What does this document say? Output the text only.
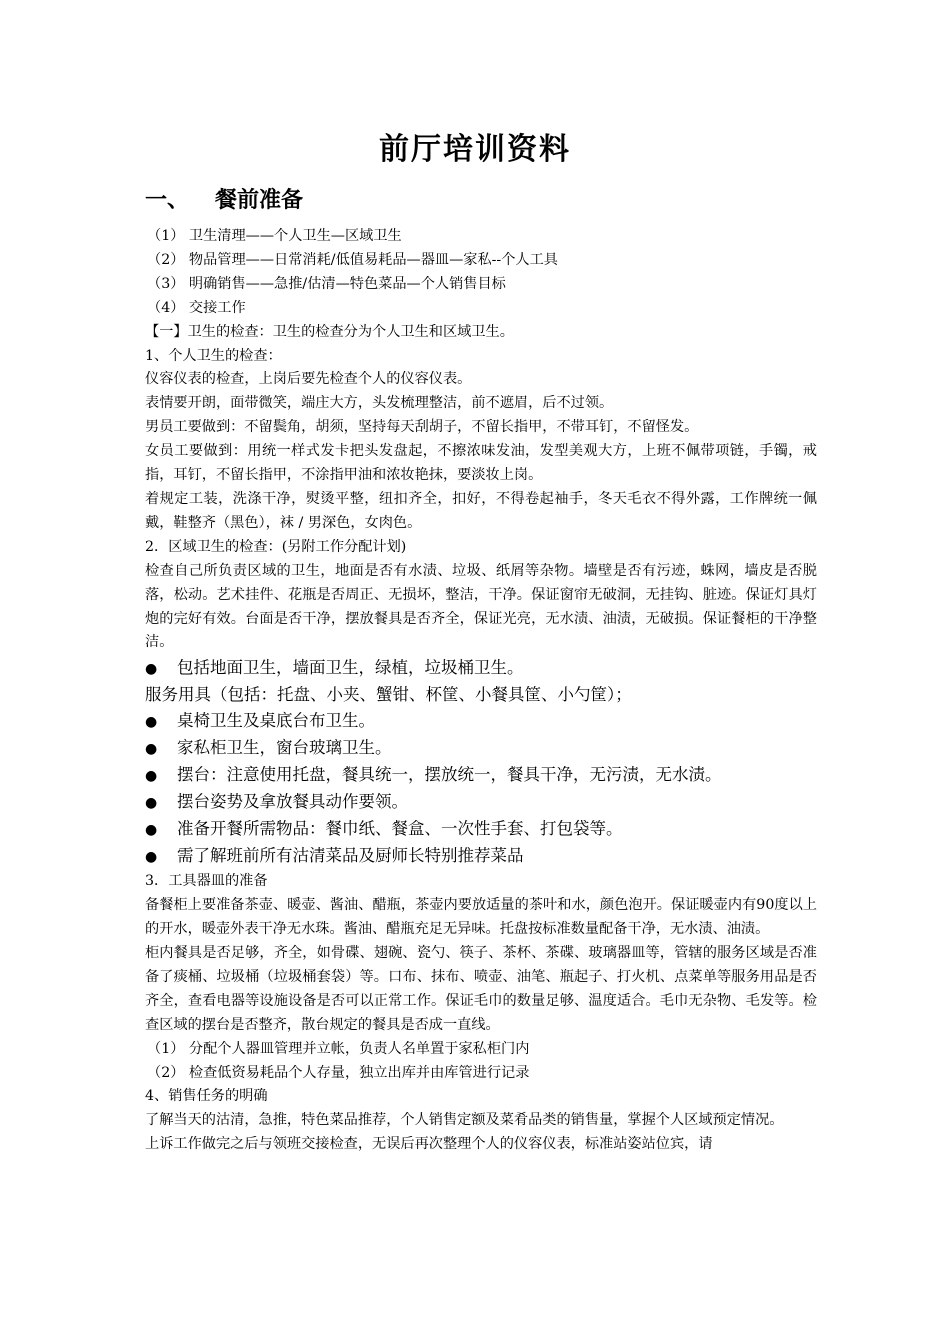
前厅培训资料
一、 餐前准备
（1） 卫生清理——个人卫生—区域卫生
（2） 物品管理——日常消耗/低值易耗品—器皿—家私--个人工具
（3） 明确销售——急推/估清—特色菜品—个人销售目标
（4） 交接工作
【一】卫生的检查：卫生的检查分为个人卫生和区域卫生。
1、个人卫生的检查：
仪容仪表的检查，上岗后要先检查个人的仪容仪表。
表情要开朗，面带微笑，端庄大方，头发梳理整洁，前不遮眉，后不过领。
男员工要做到：不留鬓角，胡须，坚持每天刮胡子，不留长指甲，不带耳钉，不留怪发。
女员工要做到：用统一样式发卡把头发盘起，不擦浓味发油，发型美观大方，上班不佩带项链，手镯，戒指，耳钉，不留长指甲，不涂指甲油和浓妆艳抹，要淡妆上岗。
着规定工装，洗涤干净，熨烫平整，纽扣齐全，扣好，不得卷起袖手，冬天毛衣不得外露，工作牌统一佩戴，鞋整齐（黑色），袜 / 男深色，女肉色。
2．区域卫生的检查：(另附工作分配计划)
检查自己所负责区域的卫生，地面是否有水渍、垃圾、纸屑等杂物。墙壁是否有污迹，蛛网，墙皮是否脱落，松动。艺术挂件、花瓶是否周正、无损坏，整洁，干净。保证窗帘无破洞，无挂钩、脏迹。保证灯具灯炮的完好有效。台面是否干净，摆放餐具是否齐全，保证光亮，无水渍、油渍，无破损。保证餐柜的干净整洁。
● 包括地面卫生，墙面卫生，绿植，垃圾桶卫生。
服务用具（包括：托盘、小夹、蟹钳、杯筐、小餐具筐、小勺筐）；
● 桌椅卫生及桌底台布卫生。
● 家私柜卫生，窗台玻璃卫生。
● 摆台：注意使用托盘，餐具统一，摆放统一，餐具干净，无污渍，无水渍。
● 摆台姿势及拿放餐具动作要领。
● 准备开餐所需物品：餐巾纸、餐盒、一次性手套、打包袋等。
● 需了解班前所有沽清菜品及厨师长特别推荐菜品
3．工具器皿的准备
备餐柜上要准备茶壶、暖壶、酱油、醋瓶，茶壶内要放适量的茶叶和水，颜色泡开。保证暖壶内有90度以上的开水，暖壶外表干净无水珠。酱油、醋瓶充足无异味。托盘按标准数量配备干净，无水渍、油渍。
柜内餐具是否足够，齐全，如骨碟、翅碗、瓷勺、筷子、茶杯、茶碟、玻璃器皿等，管辖的服务区域是否准备了痰桶、垃圾桶（垃圾桶套袋）等。口布、抹布、喷壶、油笔、瓶起子、打火机、点菜单等服务用品是否齐全，查看电器等设施设备是否可以正常工作。保证毛巾的数量足够、温度适合。毛巾无杂物、毛发等。检查区域的摆台是否整齐，散台规定的餐具是否成一直线。
（1） 分配个人器皿管理并立帐，负责人名单置于家私柜门内
（2） 检查低资易耗品个人存量，独立出库并由库管进行记录
4、销售任务的明确
了解当天的沽清，急推，特色菜品推荐，个人销售定额及菜肴品类的销售量，掌握个人区域预定情况。
上诉工作做完之后与领班交接检查，无误后再次整理个人的仪容仪表，标准站姿站位宾，请
